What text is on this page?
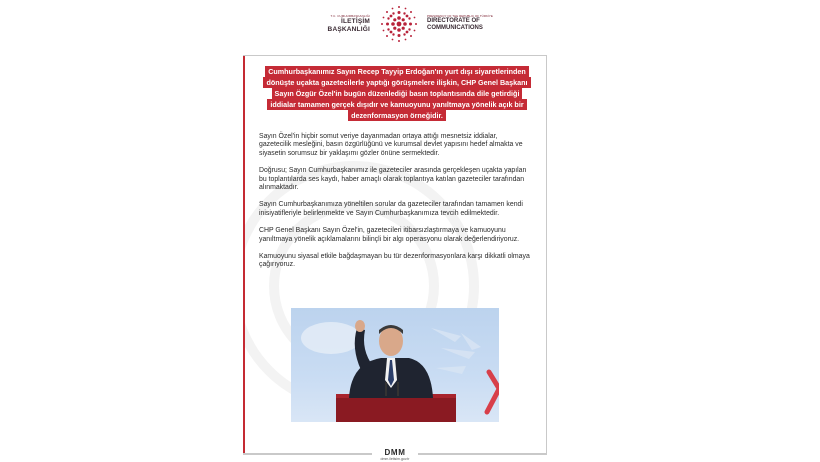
T.C. CUMHURBAŞKANLIĞI
İLETİŞİM BAŞKANLIĞI
PRESIDENCY OF THE REPUBLIC OF TÜRKİYE
DIRECTORATE OF
COMMUNICATIONS
Cumhurbaşkanımız Sayın Recep Tayyip Erdoğan'ın yurt dışı siyaretlerinden dönüşte uçakta gazetecilerle yaptığı görüşmelere ilişkin, CHP Genel Başkanı Sayın Özgür Özel'in bugün düzenlediği basın toplantısında dile getirdiği iddialar tamamen gerçek dışıdır ve kamuoyunu yanıltmaya yönelik açık bir dezenformasyon örneğidir.

Sayın Özel'in hiçbir somut veriye dayanmadan ortaya attığı mesnetsiz iddialar, gazetecilik mesleğini, basın özgürlüğünü ve kurumsal devlet yapısını hedef almakta ve siyasetin sorumsuz bir yaklaşımı gözler önüne sermektedir.

Doğrusu; Sayın Cumhurbaşkanımız ile gazeteciler arasında gerçekleşen uçakta yapılan bu toplantılarda ses kaydı, haber amaçlı olarak toplantıya katılan gazeteciler tarafından alınmaktadır.

Sayın Cumhurbaşkanımıza yöneltilen sorular da gazeteciler tarafından tamamen kendi inisiyatifleriyle belirlenmekte ve Sayın Cumhurbaşkanımıza tevcih edilmektedir.

CHP Genel Başkanı Sayın Özel'in, gazetecileri itibarsızlaştırmaya ve kamuoyunu yanıltmaya yönelik açıklamalarını bilinçli bir algı operasyonu olarak değerlendiriyoruz.

Kamuoyunu siyasal etkile bağdaşmayan bu tür dezenformasyonlara karşı dikkatli olmaya çağırıyoruz.

DMM
dmm.iletisim.gov.tr
